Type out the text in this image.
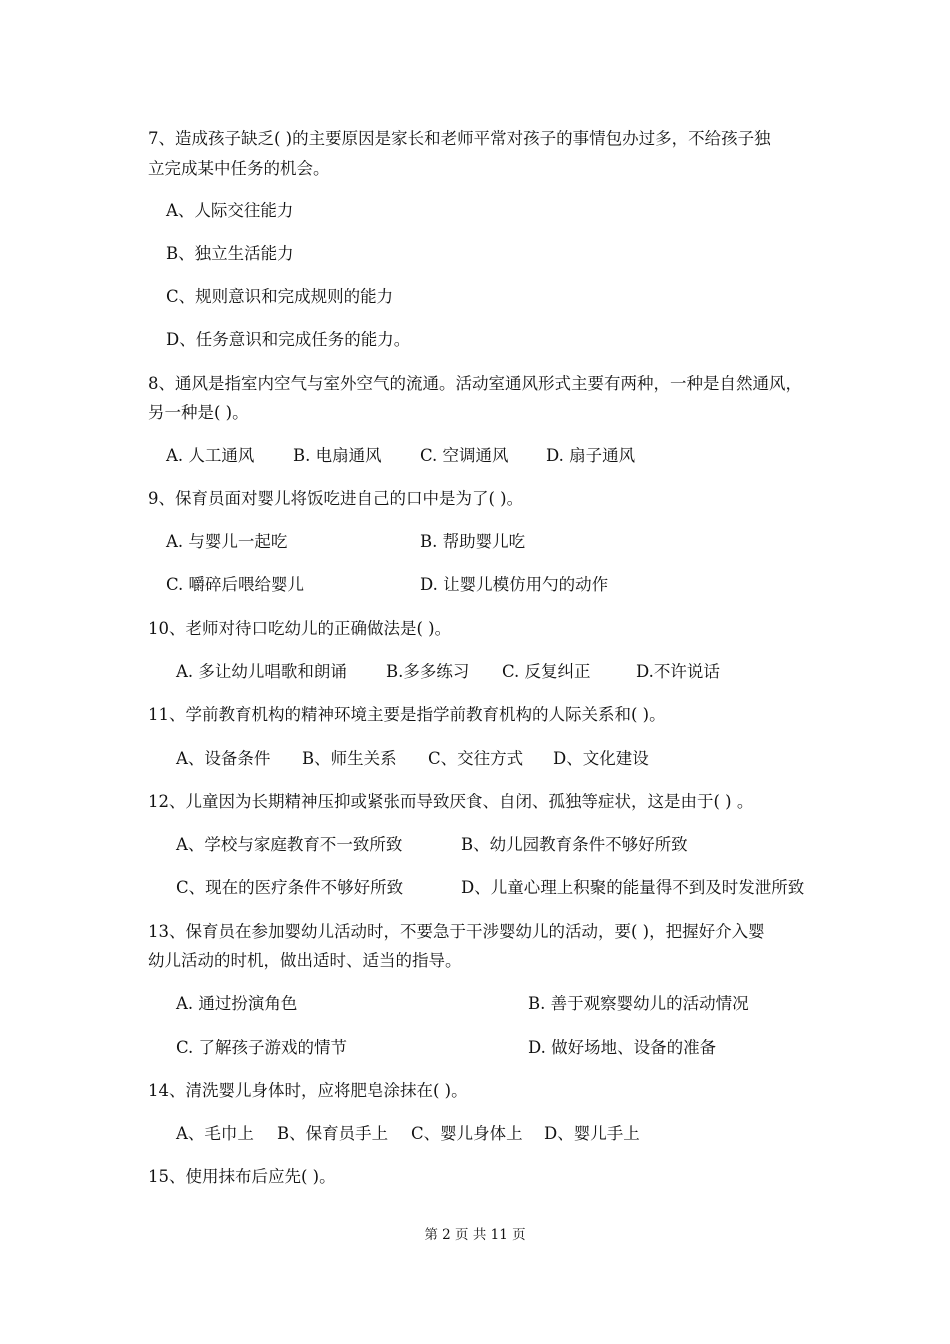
7、造成孩子缺乏( )的主要原因是家长和老师平常对孩子的事情包办过多，不给孩子独
立完成某中任务的机会。
A、人际交往能力
B、独立生活能力
C、规则意识和完成规则的能力
D、任务意识和完成任务的能力。
8、通风是指室内空气与室外空气的流通。活动室通风形式主要有两种，一种是自然通风，
另一种是( )。
A. 人工通风 B. 电扇通风 C. 空调通风 D. 扇子通风
9、保育员面对婴儿将饭吃进自己的口中是为了( )。
A. 与婴儿一起吃	B. 帮助婴儿吃
C. 嚼碎后喂给婴儿	D. 让婴儿模仿用勺的动作
10、老师对待口吃幼儿的正确做法是( )。
A. 多让幼儿唱歌和朗诵 B.多多练习 C. 反复纠正	D.不许说话
11、学前教育机构的精神环境主要是指学前教育机构的人际关系和( )。
A、设备条件 B、师生关系 C、交往方式 D、文化建设
12、儿童因为长期精神压抑或紧张而导致厌食、自闭、孤独等症状，这是由于( ) 。
A、学校与家庭教育不一致所致	B、幼儿园教育条件不够好所致
C、现在的医疗条件不够好所致	D、儿童心理上积聚的能量得不到及时发泄所致
13、保育员在参加婴幼儿活动时，不要急于干涉婴幼儿的活动，要( )，把握好介入婴
幼儿活动的时机，做出适时、适当的指导。
A. 通过扮演角色	B. 善于观察婴幼儿的活动情况
C. 了解孩子游戏的情节	D. 做好场地、设备的准备
14、清洗婴儿身体时，应将肥皂涂抹在( )。
A、毛巾上 B、保育员手上 C、婴儿身体上 D、婴儿手上
15、使用抹布后应先( )。
第 2 页 共 11 页
